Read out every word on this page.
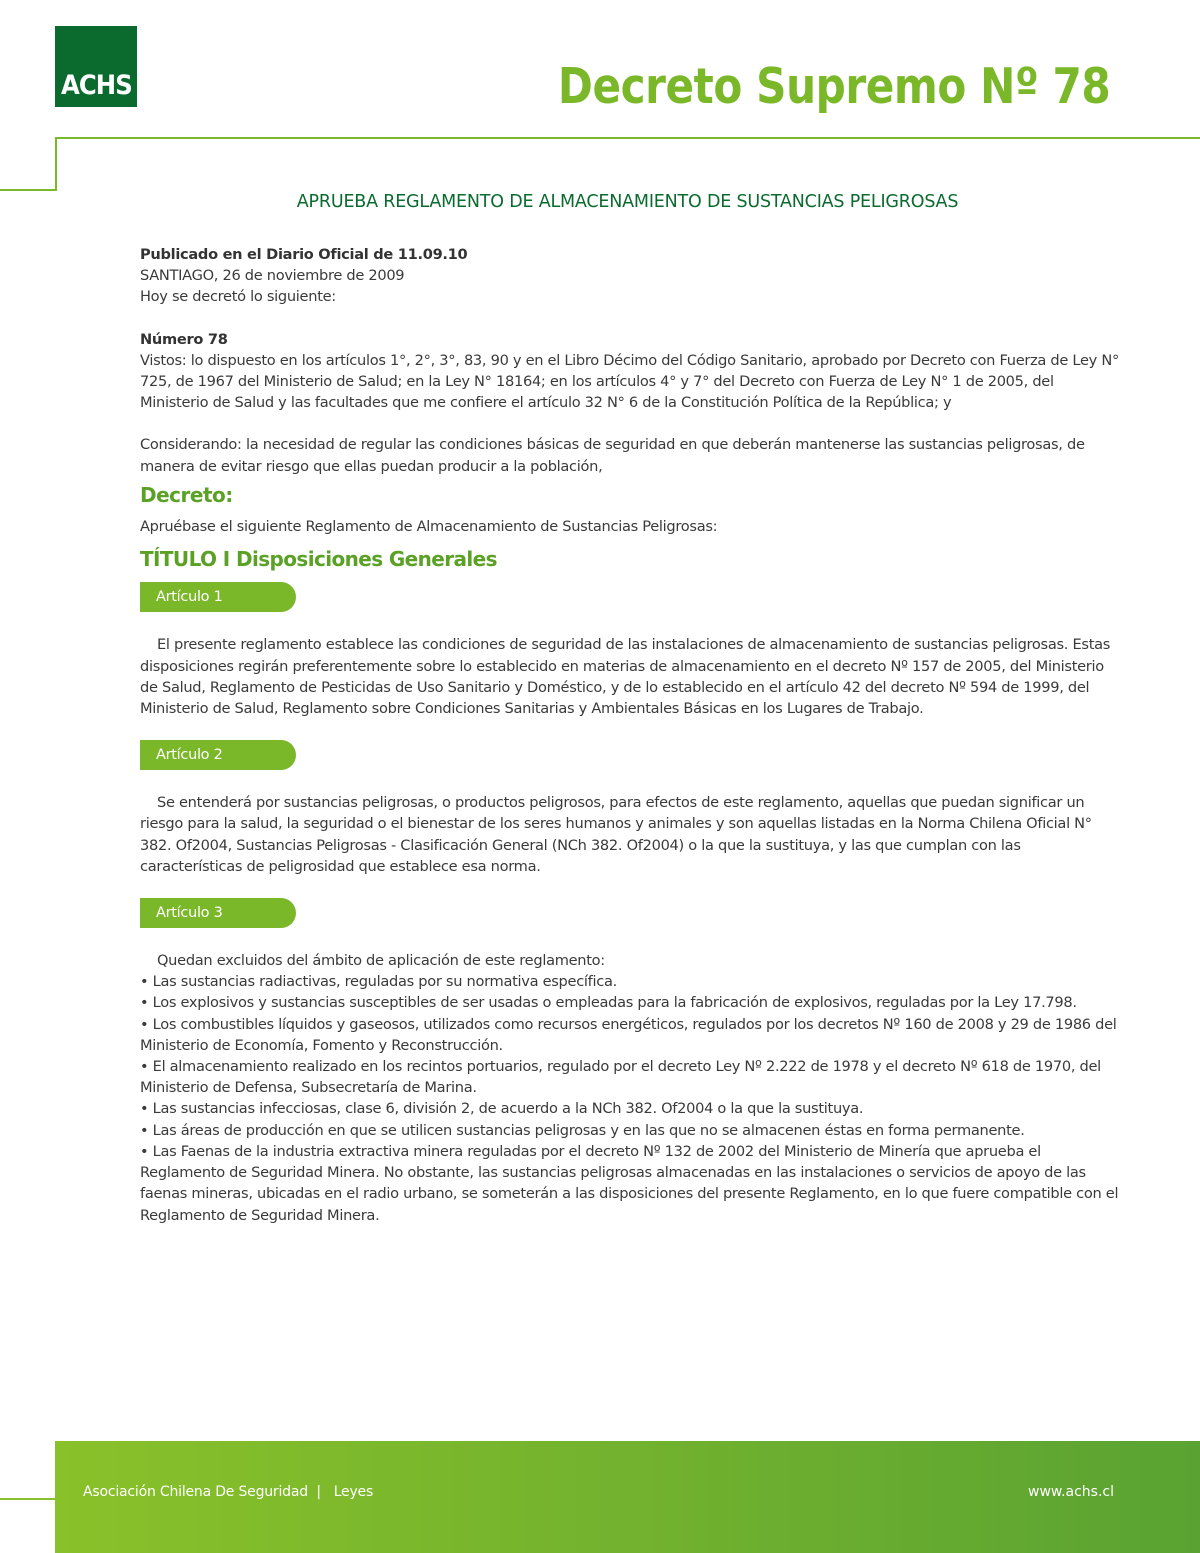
ACHS	Decreto Supremo Nº 78
APRUEBA REGLAMENTO DE ALMACENAMIENTO DE SUSTANCIAS PELIGROSAS

Publicado en el Diario Oficial de 11.09.10

SANTIAGO, 26 de noviembre de 2009

Hoy se decretó lo siguiente:

Número 78

Vistos: lo dispuesto en los artículos 1°, 2°, 3°, 83, 90 y en el Libro Décimo del Código Sanitario, aprobado por Decreto con Fuerza de Ley N° 725, de 1967 del Ministerio de Salud; en la Ley N° 18164; en los artículos 4° y 7° del Decreto con Fuerza de Ley N° 1 de 2005, del Ministerio de Salud y las facultades que me confiere el artículo 32 N° 6 de la Constitución Política de la República; y

Considerando: la necesidad de regular las condiciones básicas de seguridad en que deberán mantenerse las sustancias peligrosas, de manera de evitar riesgo que ellas puedan producir a la población,

Decreto:

Apruébase el siguiente Reglamento de Almacenamiento de Sustancias Peligrosas:

TÍTULO I Disposiciones Generales
Artículo 1

El presente reglamento establece las condiciones de seguridad de las instalaciones de almacenamiento de sustancias peligrosas. Estas disposiciones regirán preferentemente sobre lo establecido en materias de almacenamiento en el decreto Nº 157 de 2005, del Ministerio de Salud, Reglamento de Pesticidas de Uso Sanitario y Doméstico, y de lo establecido en el artículo 42 del decreto Nº 594 de 1999, del Ministerio de Salud, Reglamento sobre Condiciones Sanitarias y Ambientales Básicas en los Lugares de Trabajo.

Artículo 2

Se entenderá por sustancias peligrosas, o productos peligrosos, para efectos de este reglamento, aquellas que puedan significar un riesgo para la salud, la seguridad o el bienestar de los seres humanos y animales y son aquellas listadas en la Norma Chilena Oficial N° 382. Of2004, Sustancias Peligrosas - Clasificación General (NCh 382. Of2004) o la que la sustituya, y las que cumplan con las características de peligrosidad que establece esa norma.

Artículo 3

Quedan excluidos del ámbito de aplicación de este reglamento:

• Las sustancias radiactivas, reguladas por su normativa específica.

• Los explosivos y sustancias susceptibles de ser usadas o empleadas para la fabricación de explosivos, reguladas por la Ley 17.798.

• Los combustibles líquidos y gaseosos, utilizados como recursos energéticos, regulados por los decretos Nº 160 de 2008 y 29 de 1986 del Ministerio de Economía, Fomento y Reconstrucción.

• El almacenamiento realizado en los recintos portuarios, regulado por el decreto Ley Nº 2.222 de 1978 y el decreto Nº 618 de 1970, del Ministerio de Defensa, Subsecretaría de Marina.

• Las sustancias infecciosas, clase 6, división 2, de acuerdo a la NCh 382. Of2004 o la que la sustituya.

• Las áreas de producción en que se utilicen sustancias peligrosas y en las que no se almacenen éstas en forma permanente.

• Las Faenas de la industria extractiva minera reguladas por el decreto Nº 132 de 2002 del Ministerio de Minería que aprueba el Reglamento de Seguridad Minera. No obstante, las sustancias peligrosas almacenadas en las instalaciones o servicios de apoyo de las faenas mineras, ubicadas en el radio urbano, se someterán a las disposiciones del presente Reglamento, en lo que fuere compatible con el Reglamento de Seguridad Minera.

Asociación Chilena De Seguridad  |   Leyes	www.achs.cl
